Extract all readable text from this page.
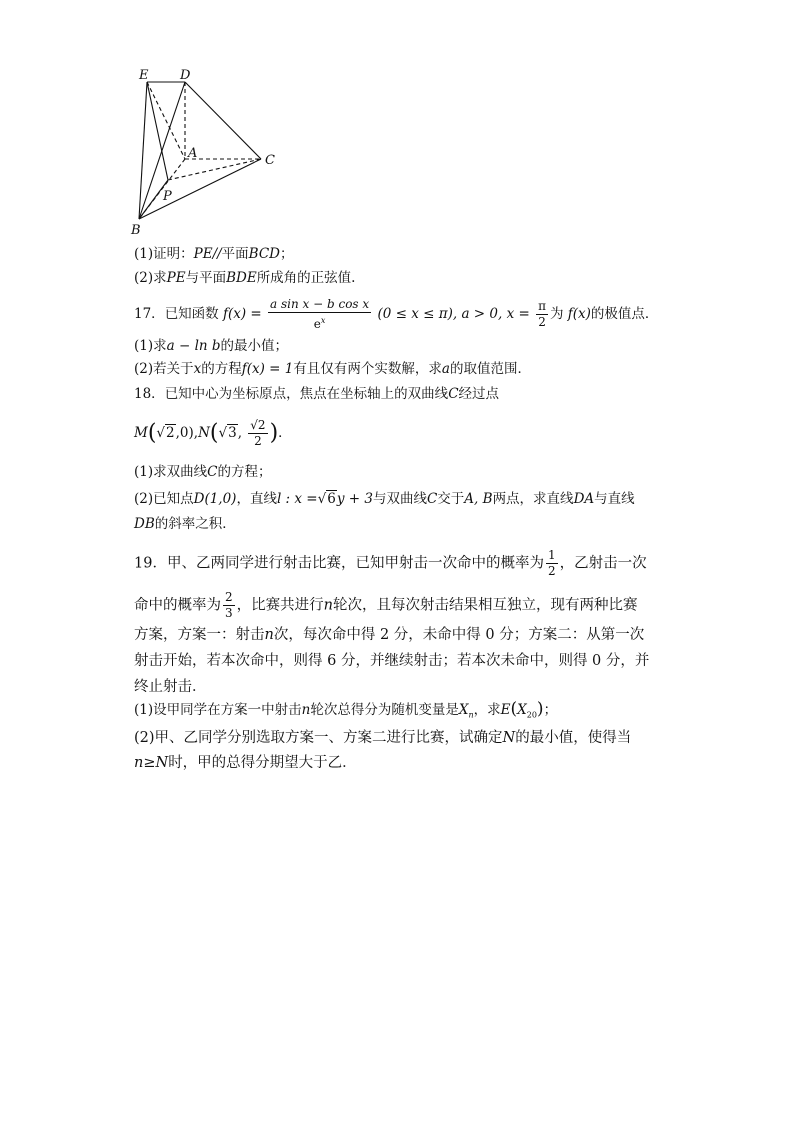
E D
A	C
P
B
(1)证明：PE//平面BCD；
(2)求PE与平面BDE所成角的正弦值.
17．已知函数 $f(x) = \frac{\text{a sin x − b cos x}}{e^x} (0 \le x \le \pi)$, a > 0, $x = \frac{\pi}{2}$ 为 f(x)的极值点．
(1)求a − ln b的最小值；
(2)若关于x的方程f(x) = 1有且仅有两个实数解，求a的取值范围．
18．已知中心为坐标原点，焦点在坐标轴上的双曲线C经过点
M(√2,0),N(√3, $\frac{√2}{2}$ )．
(1)求双曲线C的方程；
(2)已知点D(1,0)，直线l : x =√6y + 3与双曲线C交于A, B两点，求直线DA与直线
DB的斜率之积．
19．甲、乙两同学进行射击比赛，已知甲射击一次命中的概率为 $\frac{1}{2}$ ，乙射击一次
命中的概率为 $\frac{2}{3}$ ，比赛共进行n轮次，且每次射击结果相互独立，现有两种比赛
方案，方案一：射击n次，每次命中得 2 分，未命中得 0 分；方案二：从第一次
射击开始，若本次命中，则得 6 分，并继续射击；若本次未命中，则得 0 分，并
终止射击．
(1)设甲同学在方案一中射击n轮次总得分为随机变量是$X_n$，求$E(X_{20})$；
(2)甲、乙同学分别选取方案一、方案二进行比赛，试确定N的最小值，使得当
n≥N时，甲的总得分期望大于乙．
